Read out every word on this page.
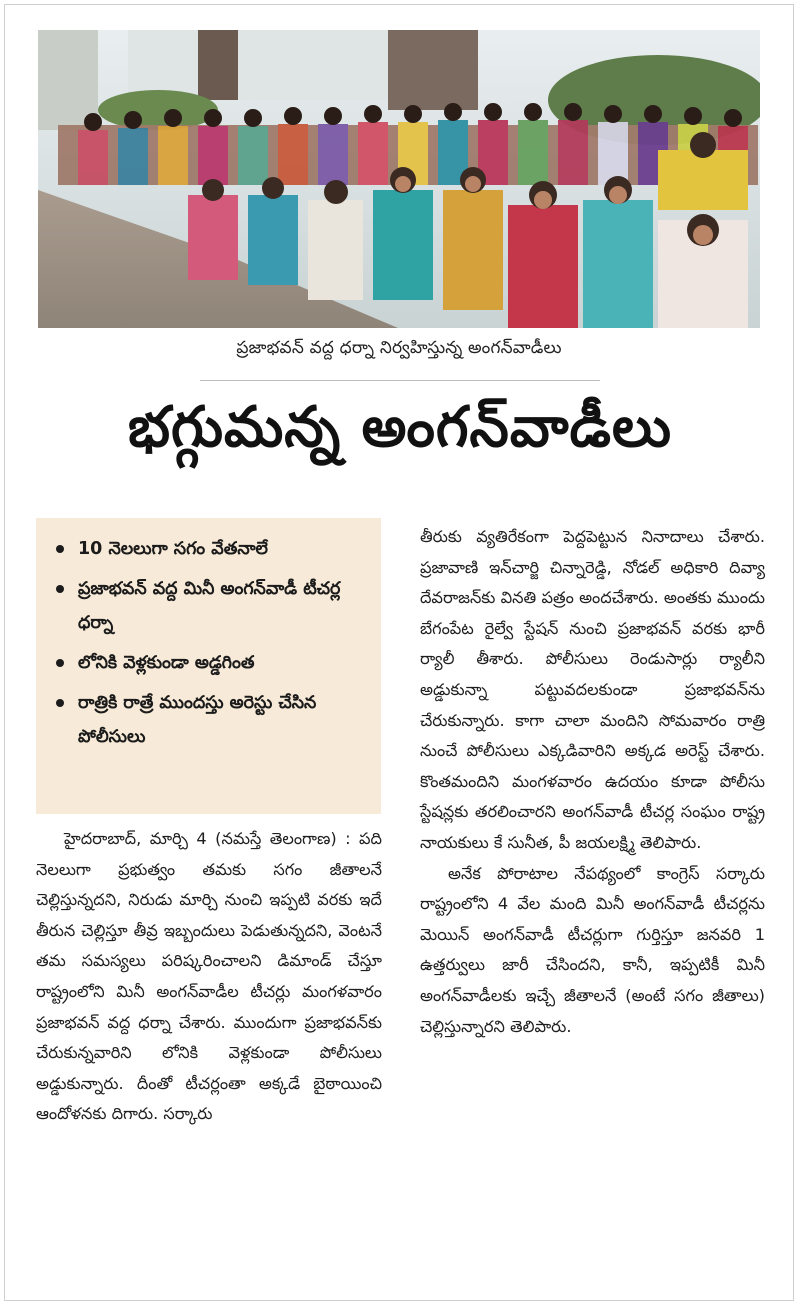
ప్రజాభవన్ వద్ద ధర్నా నిర్వహిస్తున్న అంగన్‌వాడీలు
భగ్గుమన్న అంగన్‌వాడీలు
10 నెలలుగా సగం వేతనాలే
ప్రజాభవన్ వద్ద మినీ అంగన్‌వాడీ టీచర్ల ధర్నా
లోనికి వెళ్లకుండా అడ్డగింత
రాత్రికి రాత్రే ముందస్తు అరెస్టు చేసిన పోలీసులు

హైదరాబాద్, మార్చి 4 (నమస్తే తెలంగాణ) : పది నెలలుగా ప్రభుత్వం తమకు సగం జీతాలనే చెల్లిస్తున్నదని, నిరుడు మార్చి నుంచి ఇప్పటి వరకు ఇదే తీరున చెల్లిస్తూ తీవ్ర ఇబ్బందులు పెడుతున్నదని, వెంటనే తమ సమస్యలు పరిష్కరించాలని డిమాండ్ చేస్తూ రాష్ట్రంలోని మినీ అంగన్‌వాడీల టీచర్లు మంగళవారం ప్రజాభవన్ వద్ద ధర్నా చేశారు. ముందుగా ప్రజాభవన్‌కు చేరుకున్నవారిని లోనికి వెళ్లకుండా పోలీసులు అడ్డుకున్నారు. దీంతో టీచర్లంతా అక్కడే బైఠాయించి ఆందోళనకు దిగారు. సర్కారు

తీరుకు వ్యతిరేకంగా పెద్దపెట్టున నినాదాలు చేశారు. ప్రజావాణి ఇన్‌చార్జి చిన్నారెడ్డి, నోడల్ అధికారి దివ్యా దేవరాజన్‌కు వినతి పత్రం అందచేశారు. అంతకు ముందు బేగంపేట రైల్వే స్టేషన్ నుంచి ప్రజాభవన్ వరకు భారీ ర్యాలీ తీశారు. పోలీసులు రెండుసార్లు ర్యాలీని అడ్డుకున్నా పట్టువదలకుండా ప్రజాభవన్‌ను చేరుకున్నారు. కాగా చాలా మందిని సోమవారం రాత్రి నుంచే పోలీసులు ఎక్కడివారిని అక్కడ అరెస్ట్ చేశారు. కొంతమందిని మంగళవారం ఉదయం కూడా పోలీసు స్టేషన్లకు తరలించారని అంగన్‌వాడీ టీచర్ల సంఘం రాష్ట్ర నాయకులు కే సునీత, పీ జయలక్ష్మి తెలిపారు.

అనేక పోరాటాల నేపథ్యంలో కాంగ్రెస్ సర్కారు రాష్ట్రంలోని 4 వేల మంది మినీ అంగన్‌వాడీ టీచర్లను మెయిన్ అంగన్‌వాడీ టీచర్లుగా గుర్తిస్తూ జనవరి 1 ఉత్తర్వులు జారీ చేసిందని, కానీ, ఇప్పటికీ మినీ అంగన్‌వాడీలకు ఇచ్చే జీతాలనే (అంటే సగం జీతాలు) చెల్లిస్తున్నారని తెలిపారు.
